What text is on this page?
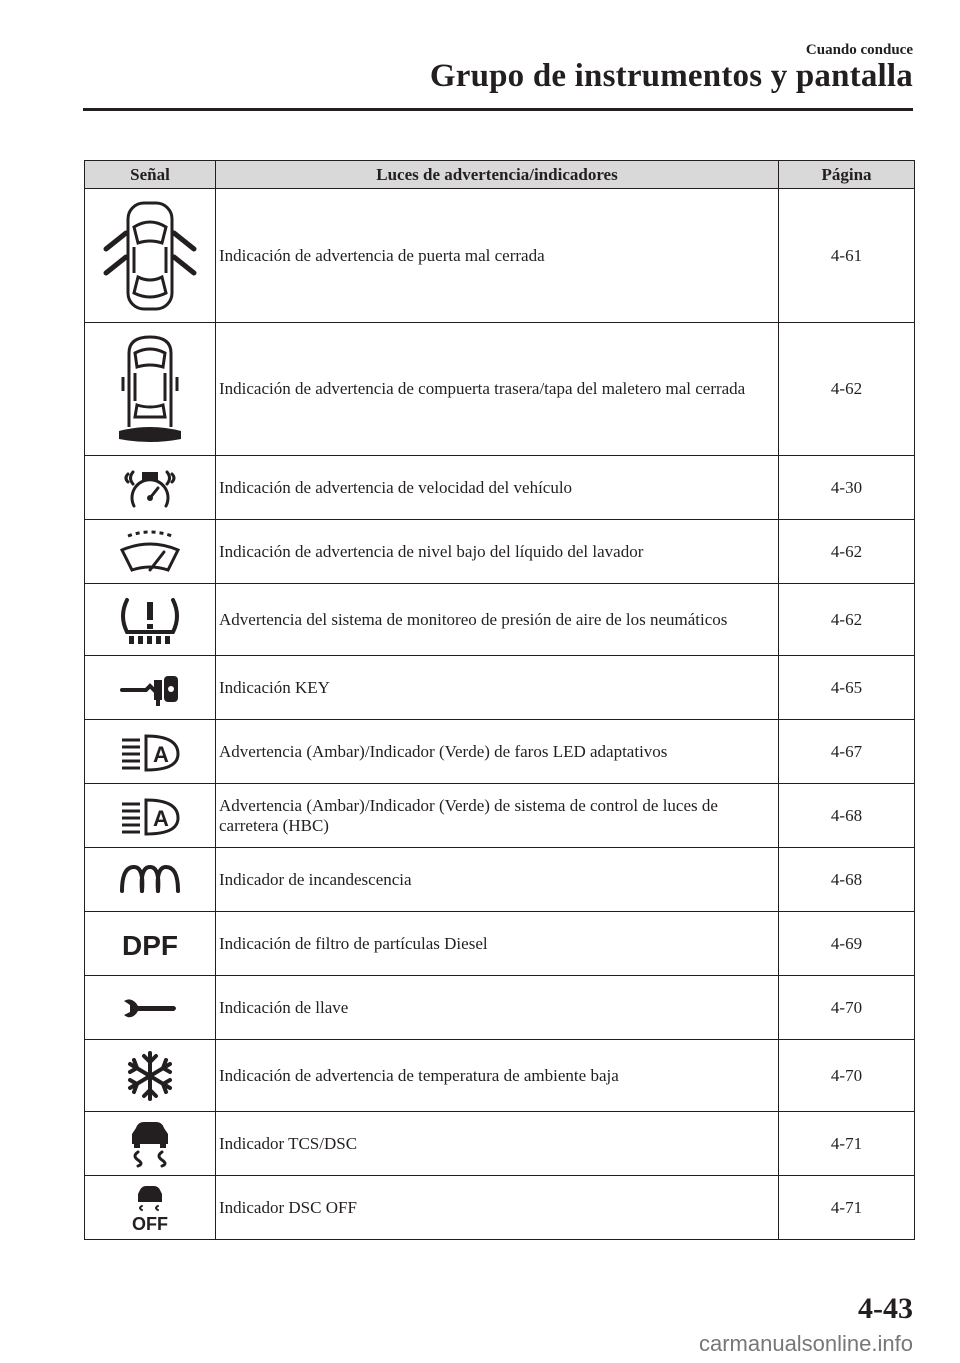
Cuando conduce
Grupo de instrumentos y pantalla
Señal	Luces de advertencia/indicadores	Página
	Indicación de advertencia de puerta mal cerrada	4-61
	Indicación de advertencia de compuerta trasera/tapa del maletero mal cerrada	4-62
	Indicación de advertencia de velocidad del vehículo	4-30
	Indicación de advertencia de nivel bajo del líquido del lavador	4-62
	Advertencia del sistema de monitoreo de presión de aire de los neumáticos	4-62
	Indicación KEY	4-65

A	Advertencia (Ambar)/Indicador (Verde) de faros LED adaptativos	4-67

A	Advertencia (Ambar)/Indicador (Verde) de sistema de control de luces de carretera (HBC)	4-68
	Indicador de incandescencia	4-68

DPF	Indicación de filtro de partículas Diesel	4-69
	Indicación de llave	4-70
	Indicación de advertencia de temperatura de ambiente baja	4-70
	Indicador TCS/DSC	4-71

OFF	Indicador DSC OFF	4-71
4-43
carmanualsonline.info
